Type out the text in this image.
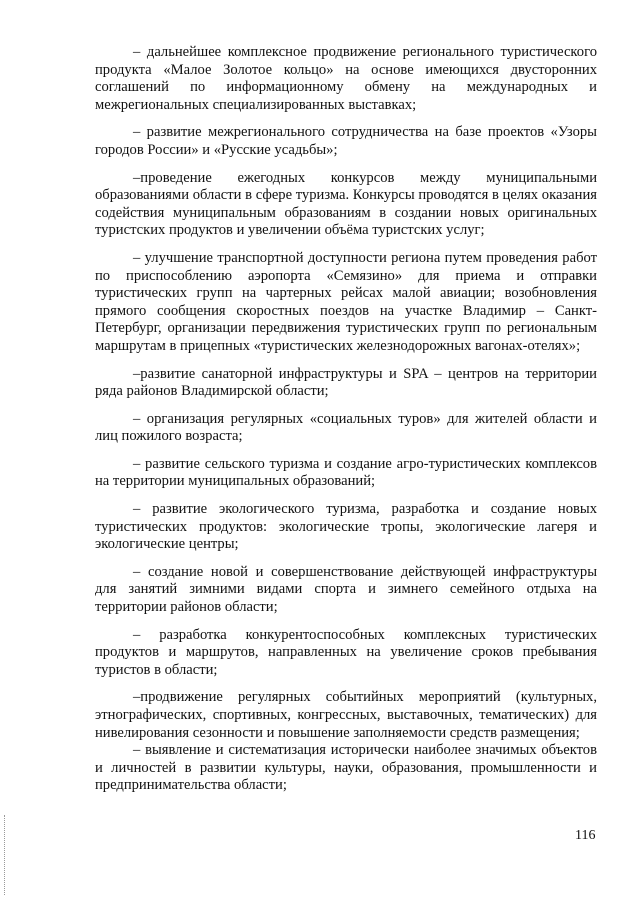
– дальнейшее комплексное продвижение регионального туристического продукта «Малое Золотое кольцо» на основе имеющихся двусторонних соглашений по информационному обмену на международных и межрегиональных специализированных выставках;

– развитие межрегионального сотрудничества на базе проектов «Узоры городов России» и «Русские усадьбы»;

–проведение ежегодных конкурсов между муниципальными образованиями области в сфере туризма. Конкурсы проводятся в целях оказания содействия муниципальным образованиям в создании новых оригинальных туристских продуктов и увеличении объёма туристских услуг;

– улучшение транспортной доступности региона путем проведения работ по приспособлению аэропорта «Семязино» для приема и отправки туристических групп на чартерных рейсах малой авиации; возобновления прямого сообщения скоростных поездов на участке Владимир – Санкт-Петербург, организации передвижения туристических групп по региональным маршрутам в прицепных «туристических железнодорожных вагонах-отелях»;

–развитие санаторной инфраструктуры и SPA – центров на территории ряда районов Владимирской области;

– организация регулярных «социальных туров» для жителей области и лиц пожилого возраста;

– развитие сельского туризма и создание агро-туристических комплексов на территории муниципальных образований;

– развитие экологического туризма, разработка и создание новых туристических продуктов: экологические тропы, экологические лагеря и экологические центры;

– создание новой и совершенствование действующей инфраструктуры для занятий зимними видами спорта и зимнего семейного отдыха на территории районов области;

– разработка конкурентоспособных комплексных туристических продуктов и маршрутов, направленных на увеличение сроков пребывания туристов в области;

–продвижение регулярных событийных мероприятий (культурных, этнографических, спортивных, конгрессных, выставочных, тематических) для нивелирования сезонности и повышение заполняемости средств размещения;

– выявление и систематизация исторически наиболее значимых объектов и личностей в развитии культуры, науки, образования, промышленности и предпринимательства области;

116
